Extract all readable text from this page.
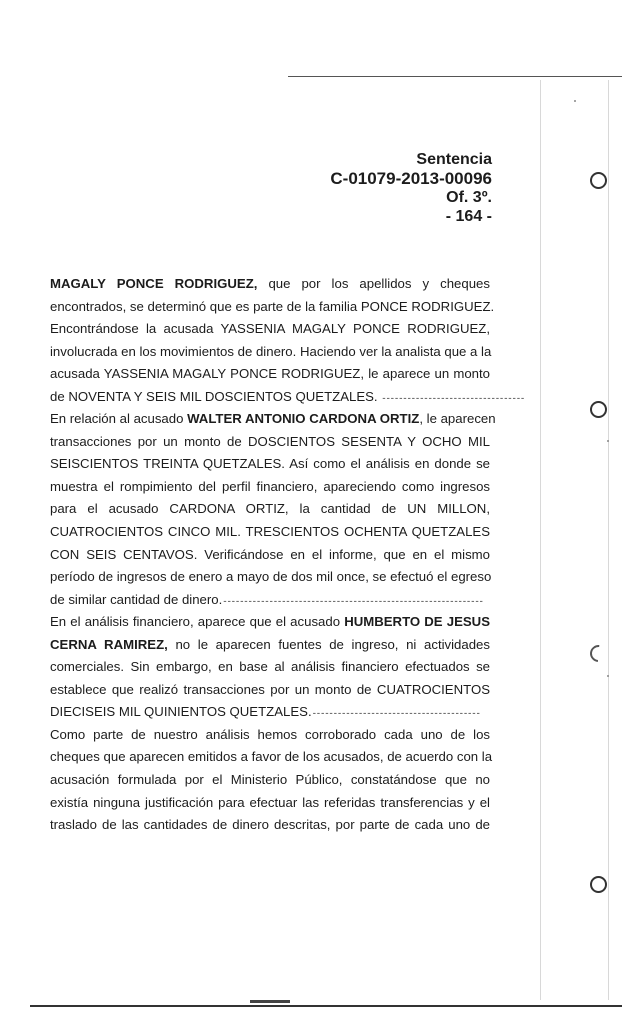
Sentencia
C-01079-2013-00096
Of. 3º.
- 164 -
MAGALY PONCE RODRIGUEZ, que por los apellidos y cheques
encontrados, se determinó que es parte de la familia PONCE RODRIGUEZ.
Encontrándose la acusada YASSENIA MAGALY PONCE RODRIGUEZ,
involucrada en los movimientos de dinero. Haciendo ver la analista que a la
acusada YASSENIA MAGALY PONCE RODRIGUEZ, le aparece un monto
de NOVENTA Y SEIS MIL DOSCIENTOS QUETZALES. ----------------------------------
En relación al acusado WALTER ANTONIO CARDONA ORTIZ, le aparecen
transacciones por un monto de DOSCIENTOS SESENTA Y OCHO MIL
SEISCIENTOS TREINTA QUETZALES. Así como el análisis en donde se
muestra el rompimiento del perfil financiero, apareciendo como ingresos
para el acusado CARDONA ORTIZ, la cantidad de UN MILLON,
CUATROCIENTOS CINCO MIL. TRESCIENTOS OCHENTA QUETZALES
CON SEIS CENTAVOS. Verificándose en el informe, que en el mismo
período de ingresos de enero a mayo de dos mil once, se efectuó el egreso
de similar cantidad de dinero.--------------------------------------------------------------
En el análisis financiero, aparece que el acusado HUMBERTO DE JESUS
CERNA RAMIREZ, no le aparecen fuentes de ingreso, ni actividades
comerciales. Sin embargo, en base al análisis financiero efectuados se
establece que realizó transacciones por un monto de CUATROCIENTOS
DIECISEIS MIL QUINIENTOS QUETZALES.----------------------------------------
Como parte de nuestro análisis hemos corroborado cada uno de los
cheques que aparecen emitidos a favor de los acusados, de acuerdo con la
acusación formulada por el Ministerio Público, constatándose que no
existía ninguna justificación para efectuar las referidas transferencias y el
traslado de las cantidades de dinero descritas, por parte de cada uno de
